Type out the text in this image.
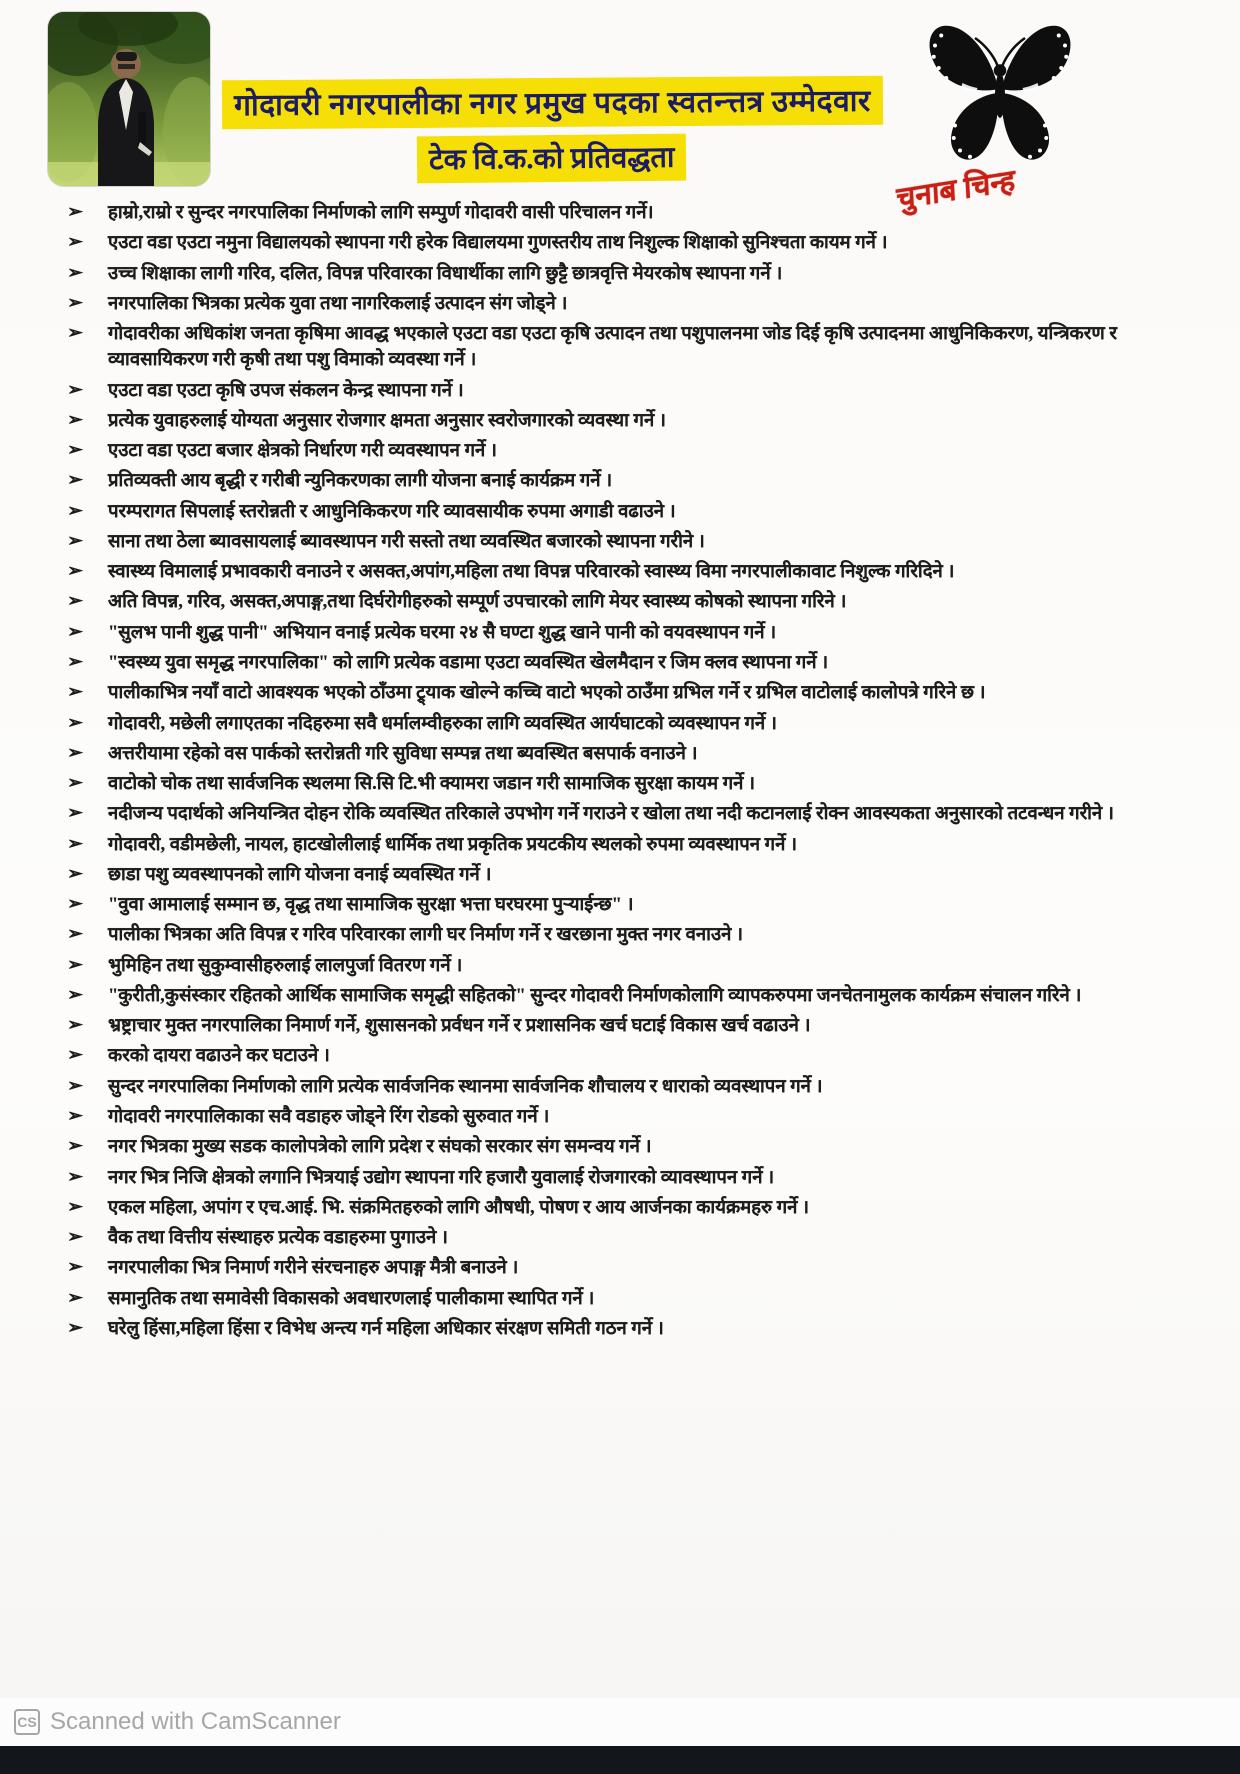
गोदावरी नगरपालीका नगर प्रमुख पदका स्वतन्त्तत्र उम्मेदवार
टेक वि.क.को प्रतिवद्धता
चुनाब चिन्ह
➢ हाम्रो,राम्रो र सुन्दर नगरपालिका निर्माणको लागि सम्पुर्ण गोदावरी वासी परिचालन गर्ने।
➢ एउटा वडा एउटा नमुना विद्यालयको स्थापना गरी हरेक विद्यालयमा गुणस्तरीय ताथ निशुल्क शिक्षाको सुनिश्चता कायम गर्ने ।
➢ उच्च शिक्षाका लागी गरिव, दलित, विपन्न परिवारका विधार्थीका लागि छुट्टै छात्रवृत्ति मेयरकोष स्थापना गर्ने ।
➢ नगरपालिका भित्रका प्रत्येक युवा तथा नागरिकलाई उत्पादन संग जोड्ने ।
➢ गोदावरीका अधिकांश जनता कृषिमा आवद्ध भएकाले एउटा वडा एउटा कृषि उत्पादन तथा पशुपालनमा जोड दिई कृषि उत्पादनमा आधुनिकिकरण, यन्त्रिकरण र व्यावसायिकरण गरी कृषी तथा पशु विमाको व्यवस्था गर्ने ।
➢ एउटा वडा एउटा कृषि उपज संकलन केन्द्र स्थापना गर्ने ।
➢ प्रत्येक युवाहरुलाई योग्यता अनुसार रोजगार क्षमता अनुसार स्वरोजगारको व्यवस्था गर्ने ।
➢ एउटा वडा एउटा बजार क्षेत्रको निर्धारण गरी व्यवस्थापन गर्ने ।
➢ प्रतिव्यक्ती आय बृद्धी र गरीबी न्युनिकरणका लागी योजना बनाई कार्यक्रम गर्ने ।
➢ परम्परागत सिपलाई स्तरोन्नती र आधुनिकिकरण गरि व्यावसायीक रुपमा अगाडी वढाउने ।
➢ साना तथा ठेला ब्यावसायलाई ब्यावस्थापन गरी सस्तो तथा व्यवस्थित बजारको स्थापना गरीने ।
➢ स्वास्थ्य विमालाई प्रभावकारी वनाउने र असक्त,अपांग,महिला तथा विपन्न परिवारको स्वास्थ्य विमा नगरपालीकावाट निशुल्क गरिदिने ।
➢ अति विपन्न, गरिव, असक्त,अपाङ्ग,तथा दिर्घरोगीहरुको सम्पूर्ण उपचारको लागि मेयर स्वास्थ्य कोषको स्थापना गरिने ।
➢ "सुलभ पानी शुद्ध पानी" अभियान वनाई प्रत्येक घरमा २४ सै घण्टा शुद्ध खाने पानी को वयवस्थापन गर्ने ।
➢ "स्वस्थ्य युवा समृद्ध नगरपालिका" को लागि प्रत्येक वडामा एउटा व्यवस्थित खेलमैदान र जिम क्लव स्थापना गर्ने ।
➢ पालीकाभित्र नयाँ वाटो आवश्यक भएको ठाँउमा ट्र्याक खोल्ने कच्चि वाटो भएको ठाउँमा ग्रभिल गर्ने र ग्रभिल वाटोलाई कालोपत्रे गरिने छ ।
➢ गोदावरी, मछेली लगाएतका नदिहरुमा सवै धर्मालम्वीहरुका लागि व्यवस्थित आर्यघाटको व्यवस्थापन गर्ने ।
➢ अत्तरीयामा रहेको वस पार्कको स्तरोन्नती गरि सुविधा सम्पन्न तथा ब्यवस्थित बसपार्क वनाउने ।
➢ वाटोको चोक तथा सार्वजनिक स्थलमा सि.सि टि.भी क्यामरा जडान गरी सामाजिक सुरक्षा कायम गर्ने ।
➢ नदीजन्य पदार्थको अनियन्त्रित दोहन रोकि व्यवस्थित तरिकाले उपभोग गर्ने गराउने र खोला तथा नदी कटानलाई रोक्न आवस्यकता अनुसारको तटवन्धन गरीने ।
➢ गोदावरी, वडीमछेली, नायल, हाटखोलीलाई धार्मिक तथा प्रकृतिक प्रयटकीय स्थलको रुपमा व्यवस्थापन गर्ने ।
➢ छाडा पशु व्यवस्थापनको लागि योजना वनाई व्यवस्थित गर्ने ।
➢ "वुवा आमालाई सम्मान छ, वृद्ध तथा सामाजिक सुरक्षा भत्ता घरघरमा पुर्‍याईन्छ" ।
➢ पालीका भित्रका अति विपन्न र गरिव परिवारका लागी घर निर्माण गर्ने र खरछाना मुक्त नगर वनाउने ।
➢ भुमिहिन तथा सुकुम्वासीहरुलाई लालपुर्जा वितरण गर्ने ।
➢ "कुरीती,कुसंस्कार रहितको आर्थिक सामाजिक समृद्धी सहितको" सुन्दर गोदावरी निर्माणकोलागि व्यापकरुपमा जनचेतनामुलक कार्यक्रम संचालन गरिने ।
➢ भ्रष्ट्राचार मुक्त नगरपालिका निमार्ण गर्ने, शुसासनको प्रर्वधन गर्ने र प्रशासनिक खर्च घटाई विकास खर्च वढाउने ।
➢ करको दायरा वढाउने कर घटाउने ।
➢ सुन्दर नगरपालिका निर्माणको लागि प्रत्येक सार्वजनिक स्थानमा सार्वजनिक शौचालय र धाराको व्यवस्थापन गर्ने ।
➢ गोदावरी नगरपालिकाका सवै वडाहरु जोड्ने रिंग रोडको सुरुवात गर्ने ।
➢ नगर भित्रका मुख्य सडक कालोपत्रेको लागि प्रदेश र संघको सरकार संग समन्वय गर्ने ।
➢ नगर भित्र निजि क्षेत्रको लगानि भित्रयाई उद्योग स्थापना गरि हजारौ युवालाई रोजगारको व्यावस्थापन गर्ने ।
➢ एकल महिला, अपांग र एच.आई. भि. संक्रमितहरुको लागि औषधी, पोषण र आय आर्जनका कार्यक्रमहरु गर्ने ।
➢ वैक तथा वित्तीय संस्थाहरु प्रत्येक वडाहरुमा पुगाउने ।
➢ नगरपालीका भित्र निमार्ण गरीने संरचनाहरु अपाङ्ग मैत्री बनाउने ।
➢ समानुतिक तथा समावेसी विकासको अवधारणलाई पालीकामा स्थापित गर्ने ।
➢ घरेलु हिंसा,महिला हिंसा र विभेध अन्त्य गर्न महिला अधिकार संरक्षण समिती गठन गर्ने ।
CS Scanned with CamScanner
